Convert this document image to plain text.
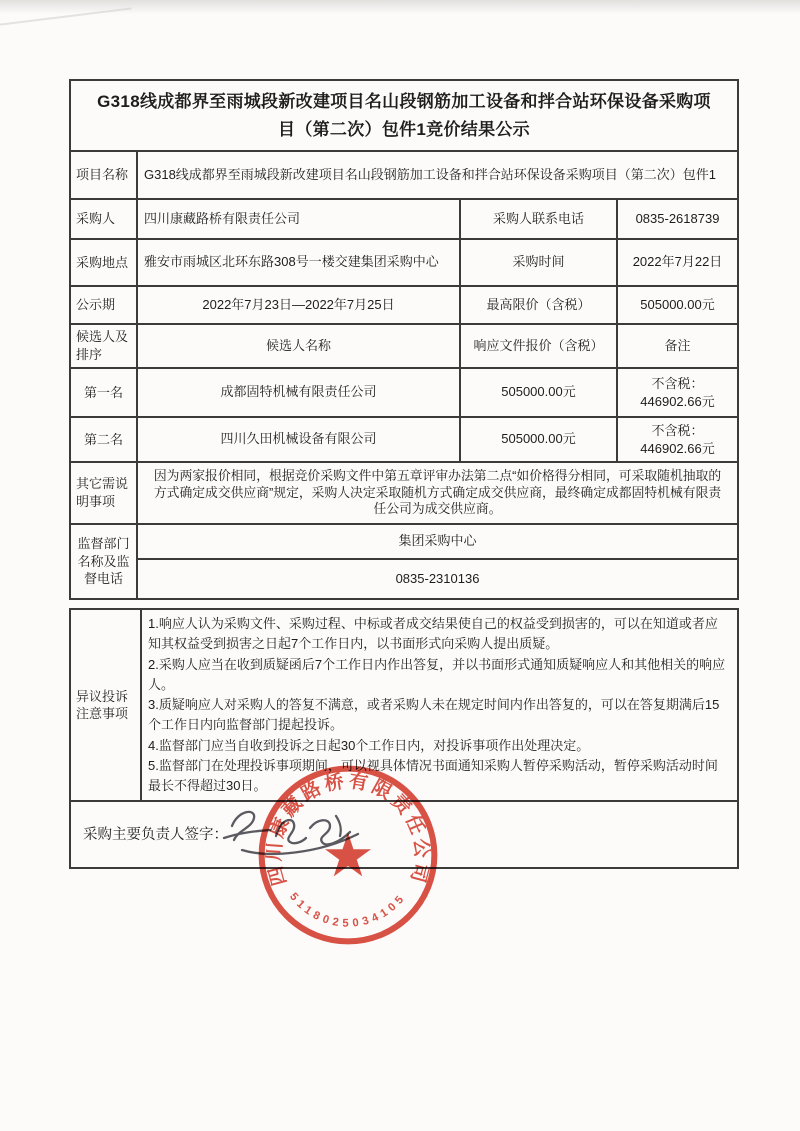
G318线成都界至雨城段新改建项目名山段钢筋加工设备和拌合站环保设备采购项目（第二次）包件1竞价结果公示			
项目名称	G318线成都界至雨城段新改建项目名山段钢筋加工设备和拌合站环保设备采购项目（第二次）包件1		
采购人	四川康藏路桥有限责任公司	采购人联系电话	0835-2618739
采购地点	雅安市雨城区北环东路308号一楼交建集团采购中心	采购时间	2022年7月22日
公示期	2022年7月23日—2022年7月25日	最高限价（含税）	505000.00元
候选人及排序	候选人名称	响应文件报价（含税）	备注
第一名	成都固特机械有限责任公司	505000.00元	不含税：
446902.66元

第二名	四川久田机械设备有限公司	505000.00元	不含税：
446902.66元

其它需说明事项	因为两家报价相同，根据竞价采购文件中第五章评审办法第二点“如价格得分相同，可采取随机抽取的方式确定成交供应商”规定，采购人决定采取随机方式确定成交供应商，最终确定成都固特机械有限责任公司为成交供应商。		
监督部门名称及监督电话	集团采购中心		
	0835-2310136		
异议投诉注意事项	
1.响应人认为采购文件、采购过程、中标或者成交结果使自己的权益受到损害的，可以在知道或者应知其权益受到损害之日起7个工作日内，以书面形式向采购人提出质疑。
2.采购人应当在收到质疑函后7个工作日内作出答复，并以书面形式通知质疑响应人和其他相关的响应人。
3.质疑响应人对采购人的答复不满意，或者采购人未在规定时间内作出答复的，可以在答复期满后15个工作日内向监督部门提起投诉。
4.监督部门应当自收到投诉之日起30个工作日内，对投诉事项作出处理决定。
5.监督部门在处理投诉事项期间，可以视具体情况书面通知采购人暂停采购活动，暂停采购活动时间最长不得超过30日。

采购主要负责人签字：
四川康藏路桥有限责任公司
5118025034105
